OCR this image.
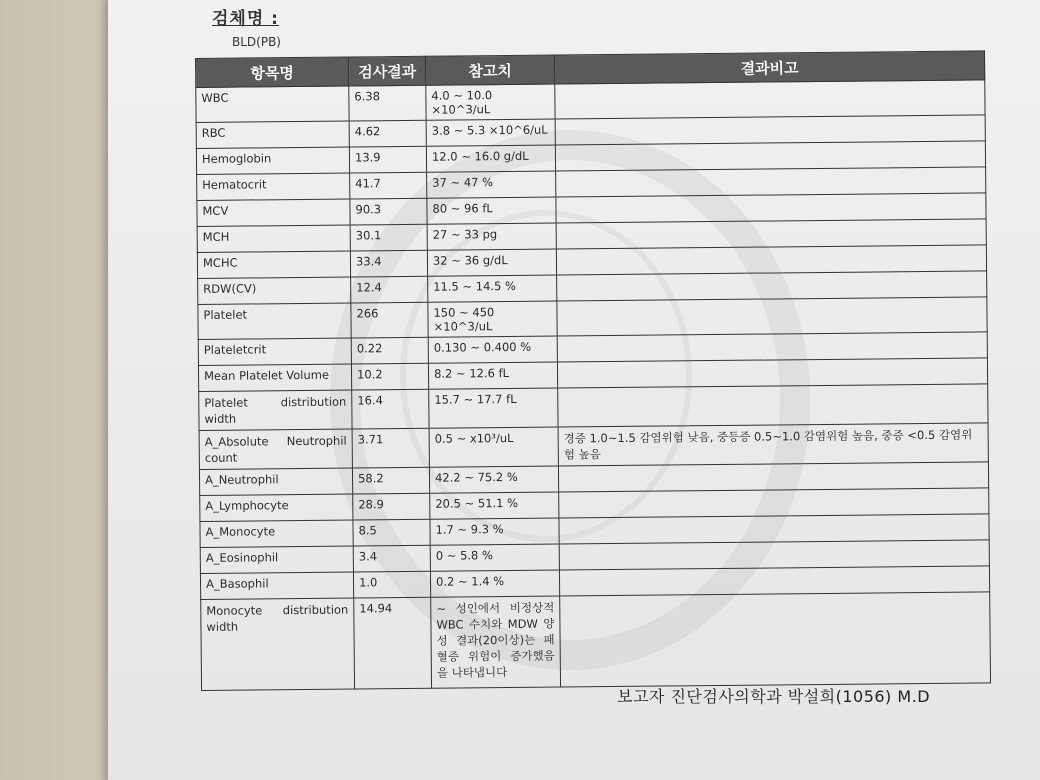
검체명 :
BLD(PB)
항목명	검사결과	참고치	결과비고
WBC	6.38	4.0 ~ 10.0 ×10^3/uL	
RBC	4.62	3.8 ~ 5.3 ×10^6/uL	
Hemoglobin	13.9	12.0 ~ 16.0 g/dL	
Hematocrit	41.7	37 ~ 47 %	
MCV	90.3	80 ~ 96 fL	
MCH	30.1	27 ~ 33 pg	
MCHC	33.4	32 ~ 36 g/dL	
RDW(CV)	12.4	11.5 ~ 14.5 %	
Platelet	266	150 ~ 450 ×10^3/uL	
Plateletcrit	0.22	0.130 ~ 0.400 %	
Mean Platelet Volume	10.2	8.2 ~ 12.6 fL	
Platelet distribution width	16.4	15.7 ~ 17.7 fL	
A_Absolute Neutrophil count	3.71	0.5 ~ x10³/uL	경증 1.0~1.5 감염위험 낮음, 중등증 0.5~1.0 감염위험 높음, 중증 <0.5 감염위험 높음
A_Neutrophil	58.2	42.2 ~ 75.2 %	
A_Lymphocyte	28.9	20.5 ~ 51.1 %	
A_Monocyte	8.5	1.7 ~ 9.3 %	
A_Eosinophil	3.4	0 ~ 5.8 %	
A_Basophil	1.0	0.2 ~ 1.4 %	
Monocyte distribution width	14.94	~ 성인에서 비정상적 WBC 수치와 MDW 양성 결과(20이상)는 패혈증 위험이 증가했음을 나타냅니다	
보고자 진단검사의학과 박설희(1056) M.D
